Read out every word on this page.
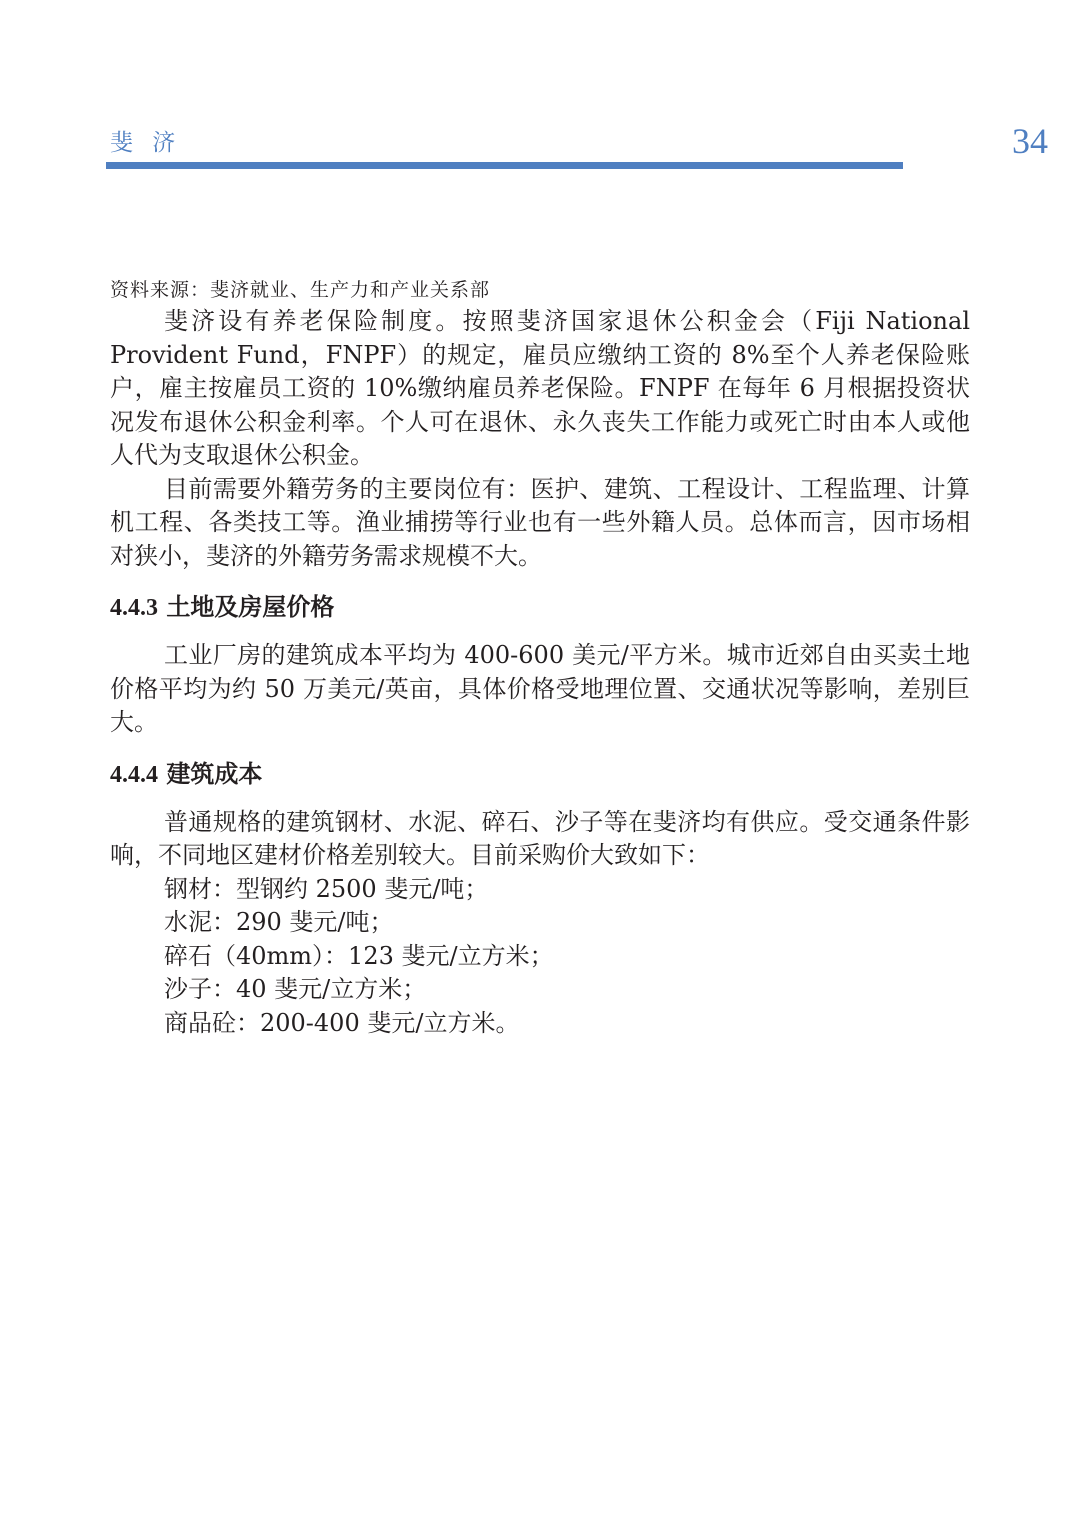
斐 济	34

资料来源：斐济就业、生产力和产业关系部

斐济设有养老保险制度。按照斐济国家退休公积金会（Fiji National Provident Fund，FNPF）的规定，雇员应缴纳工资的 8%至个人养老保险账户，雇主按雇员工资的 10%缴纳雇员养老保险。FNPF 在每年 6 月根据投资状况发布退休公积金利率。个人可在退休、永久丧失工作能力或死亡时由本人或他人代为支取退休公积金。

目前需要外籍劳务的主要岗位有：医护、建筑、工程设计、工程监理、计算机工程、各类技工等。渔业捕捞等行业也有一些外籍人员。总体而言，因市场相对狭小，斐济的外籍劳务需求规模不大。

4.4.3 土地及房屋价格

工业厂房的建筑成本平均为 400-600 美元/平方米。城市近郊自由买卖土地价格平均为约 50 万美元/英亩，具体价格受地理位置、交通状况等影响，差别巨大。

4.4.4 建筑成本

普通规格的建筑钢材、水泥、碎石、沙子等在斐济均有供应。受交通条件影响，不同地区建材价格差别较大。目前采购价大致如下：

钢材：型钢约 2500 斐元/吨；

水泥：290 斐元/吨；

碎石（40mm）：123 斐元/立方米；

沙子：40 斐元/立方米；

商品砼：200-400 斐元/立方米。
